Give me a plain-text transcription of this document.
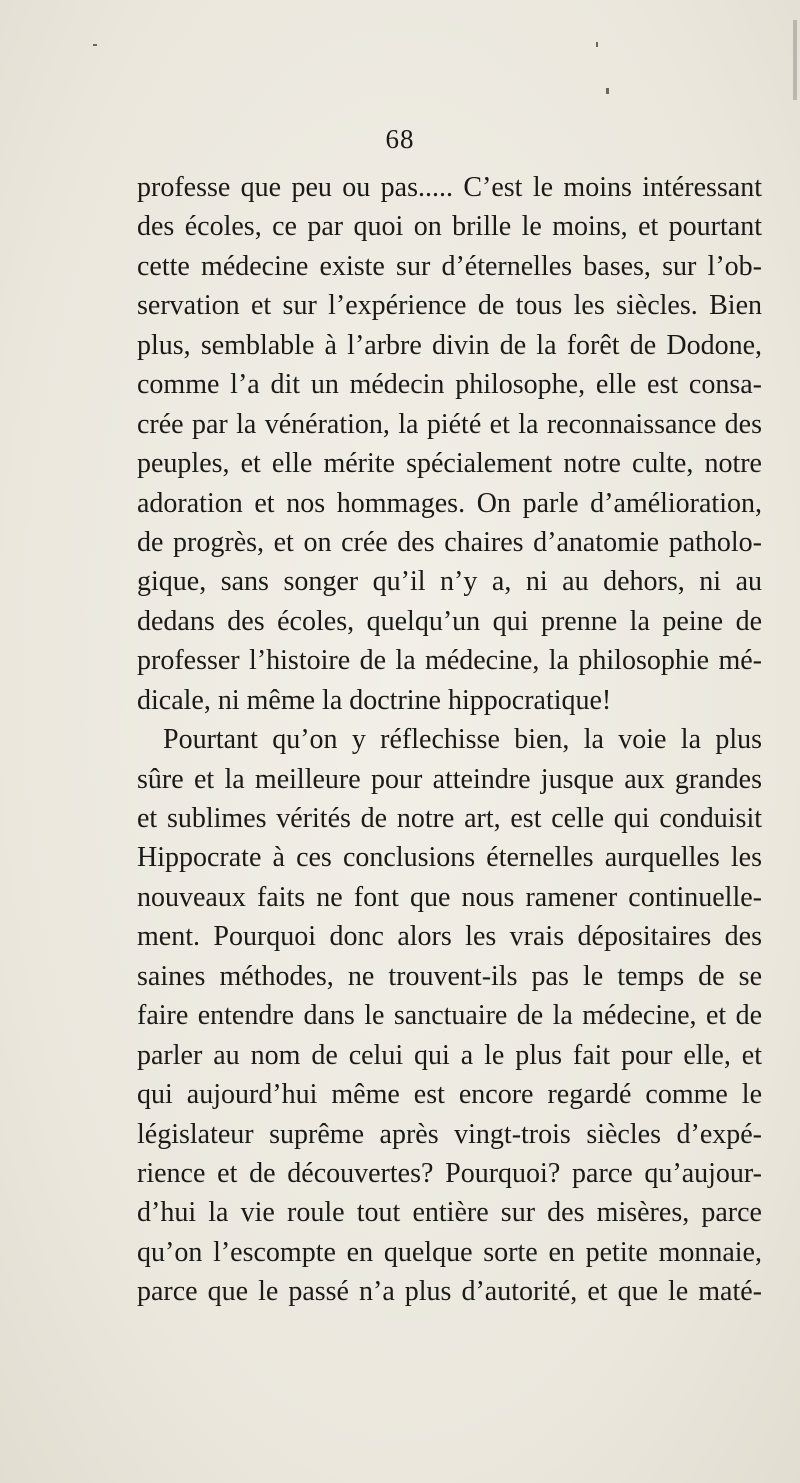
68
professe que peu ou pas..... C’est le moins intéressant
des écoles, ce par quoi on brille le moins, et pourtant
cette médecine existe sur d’éternelles bases, sur l’ob-
servation et sur l’expérience de tous les siècles. Bien
plus, semblable à l’arbre divin de la forêt de Dodone,
comme l’a dit un médecin philosophe, elle est consa-
crée par la vénération, la piété et la reconnaissance des
peuples, et elle mérite spécialement notre culte, notre
adoration et nos hommages. On parle d’amélioration,
de progrès, et on crée des chaires d’anatomie patholo-
gique, sans songer qu’il n’y a, ni au dehors, ni au
dedans des écoles, quelqu’un qui prenne la peine de
professer l’histoire de la médecine, la philosophie mé-
dicale, ni même la doctrine hippocratique!
Pourtant qu’on y réflechisse bien, la voie la plus
sûre et la meilleure pour atteindre jusque aux grandes
et sublimes vérités de notre art, est celle qui conduisit
Hippocrate à ces conclusions éternelles aurquelles les
nouveaux faits ne font que nous ramener continuelle-
ment. Pourquoi donc alors les vrais dépositaires des
saines méthodes, ne trouvent-ils pas le temps de se
faire entendre dans le sanctuaire de la médecine, et de
parler au nom de celui qui a le plus fait pour elle, et
qui aujourd’hui même est encore regardé comme le
législateur suprême après vingt-trois siècles d’expé-
rience et de découvertes? Pourquoi? parce qu’aujour-
d’hui la vie roule tout entière sur des misères, parce
qu’on l’escompte en quelque sorte en petite monnaie,
parce que le passé n’a plus d’autorité, et que le maté-
